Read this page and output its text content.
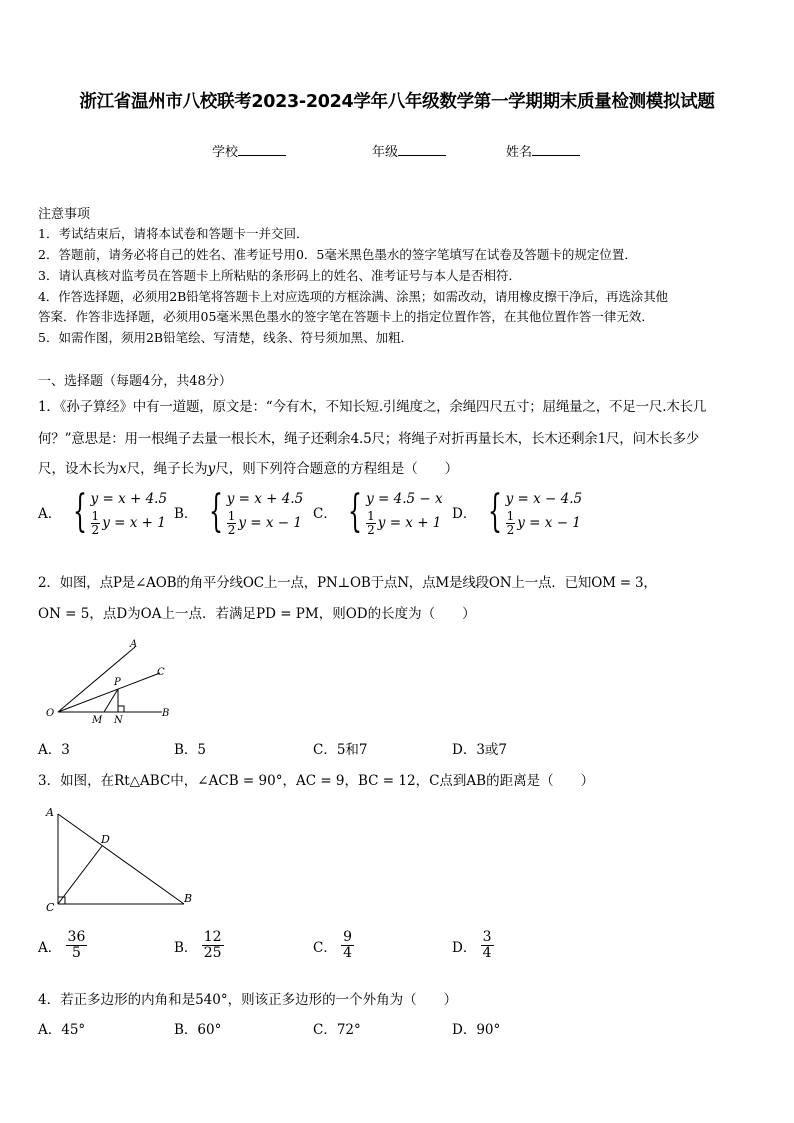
浙江省温州市八校联考2023-2024学年八年级数学第一学期期末质量检测模拟试题
学校	年级	姓名
注意事项
1．考试结束后，请将本试卷和答题卡一并交回．
2．答题前，请务必将自己的姓名、准考证号用0．5毫米黑色墨水的签字笔填写在试卷及答题卡的规定位置．
3．请认真核对监考员在答题卡上所粘贴的条形码上的姓名、准考证号与本人是否相符．
4．作答选择题，必须用2B铅笔将答题卡上对应选项的方框涂满、涂黑；如需改动，请用橡皮擦干净后，再选涂其他
答案．作答非选择题，必须用05毫米黑色墨水的签字笔在答题卡上的指定位置作答，在其他位置作答一律无效．
5．如需作图，须用2B铅笔绘、写清楚，线条、符号须加黑、加粗．
一、选择题（每题4分，共48分）
1．《孙子算经》中有一道题，原文是：“今有木，不知长短.引绳度之，余绳四尺五寸；屈绳量之，不足一尺.木长几
何？”意思是：用一根绳子去量一根长木，绳子还剩余4.5尺；将绳子对折再量长木，长木还剩余1尺，问木长多少
尺，设木长为x尺，绳子长为y尺，则下列符合题意的方程组是（　　）
A． { y = x + 4.5
1
2 y = x + 1
B． { y = x + 4.5
1
2 y = x − 1
C． { y = 4.5 − x
1
2 y = x + 1
D． { y = x − 4.5
1
2 y = x − 1
2．如图，点P是∠AOB的角平分线OC上一点，PN⊥OB于点N，点M是线段ON上一点．已知OM = 3，
ON = 5，点D为OA上一点．若满足PD = PM，则OD的长度为（　　）
A
C
P
O
M N
B
A．3	B．5	C．5和7	D．3或7
3．如图，在Rt△ABC中，∠ACB = 90°，AC = 9，BC = 12，C点到AB的距离是（　　）
A
D
C
B
A． $\frac{36}{5}$	B． $\frac{12}{25}$	C． $\frac{9}{4}$	D． $\frac{3}{4}$
4．若正多边形的内角和是540°，则该正多边形的一个外角为（　　）
A．45°	B．60°	C．72°	D．90°
